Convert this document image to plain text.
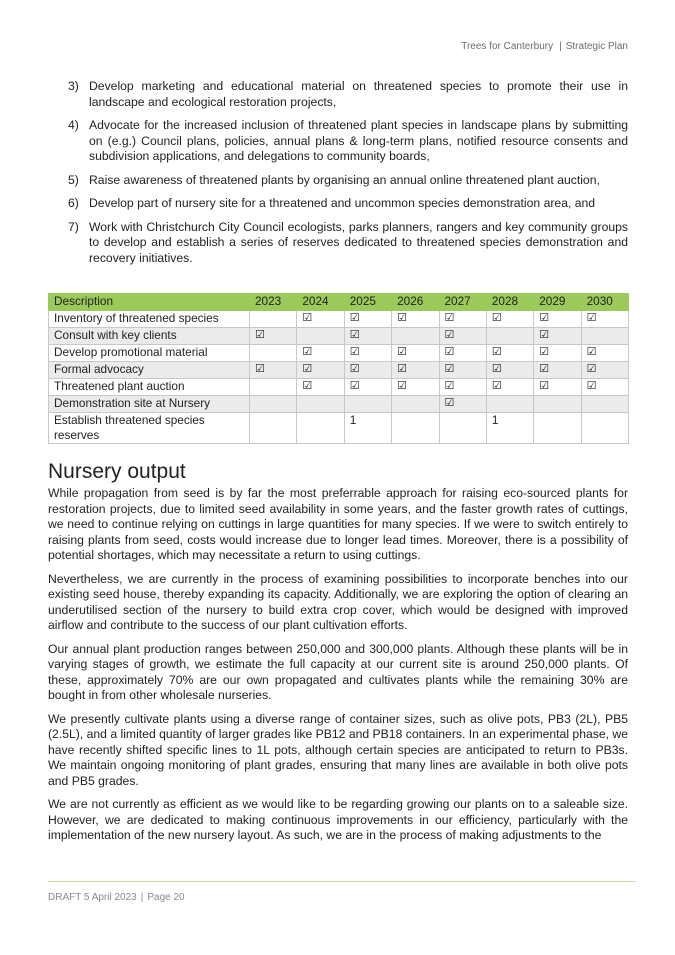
Trees for Canterbury | Strategic Plan
3) Develop marketing and educational material on threatened species to promote their use in landscape and ecological restoration projects,
4) Advocate for the increased inclusion of threatened plant species in landscape plans by submitting on (e.g.) Council plans, policies, annual plans & long-term plans, notified resource consents and subdivision applications, and delegations to community boards,
5) Raise awareness of threatened plants by organising an annual online threatened plant auction,
6) Develop part of nursery site for a threatened and uncommon species demonstration area, and
7) Work with Christchurch City Council ecologists, parks planners, rangers and key community groups to develop and establish a series of reserves dedicated to threatened species demonstration and recovery initiatives.
Description	2023	2024	2025	2026	2027	2028	2029	2030
Inventory of threatened species		☑	☑	☑	☑	☑	☑	☑
Consult with key clients	☑		☑		☑		☑	
Develop promotional material		☑	☑	☑	☑	☑	☑	☑
Formal advocacy	☑	☑	☑	☑	☑	☑	☑	☑
Threatened plant auction		☑	☑	☑	☑	☑	☑	☑
Demonstration site at Nursery					☑			
Establish threatened species reserves			1			1		
Nursery output

While propagation from seed is by far the most preferrable approach for raising eco-sourced plants for restoration projects, due to limited seed availability in some years, and the faster growth rates of cuttings, we need to continue relying on cuttings in large quantities for many species. If we were to switch entirely to raising plants from seed, costs would increase due to longer lead times. Moreover, there is a possibility of potential shortages, which may necessitate a return to using cuttings.

Nevertheless, we are currently in the process of examining possibilities to incorporate benches into our existing seed house, thereby expanding its capacity. Additionally, we are exploring the option of clearing an underutilised section of the nursery to build extra crop cover, which would be designed with improved airflow and contribute to the success of our plant cultivation efforts.

Our annual plant production ranges between 250,000 and 300,000 plants. Although these plants will be in varying stages of growth, we estimate the full capacity at our current site is around 250,000 plants. Of these, approximately 70% are our own propagated and cultivates plants while the remaining 30% are bought in from other wholesale nurseries.

We presently cultivate plants using a diverse range of container sizes, such as olive pots, PB3 (2L), PB5 (2.5L), and a limited quantity of larger grades like PB12 and PB18 containers. In an experimental phase, we have recently shifted specific lines to 1L pots, although certain species are anticipated to return to PB3s. We maintain ongoing monitoring of plant grades, ensuring that many lines are available in both olive pots and PB5 grades.

We are not currently as efficient as we would like to be regarding growing our plants on to a saleable size. However, we are dedicated to making continuous improvements in our efficiency, particularly with the implementation of the new nursery layout. As such, we are in the process of making adjustments to the

DRAFT 5 April 2023 | Page 20
